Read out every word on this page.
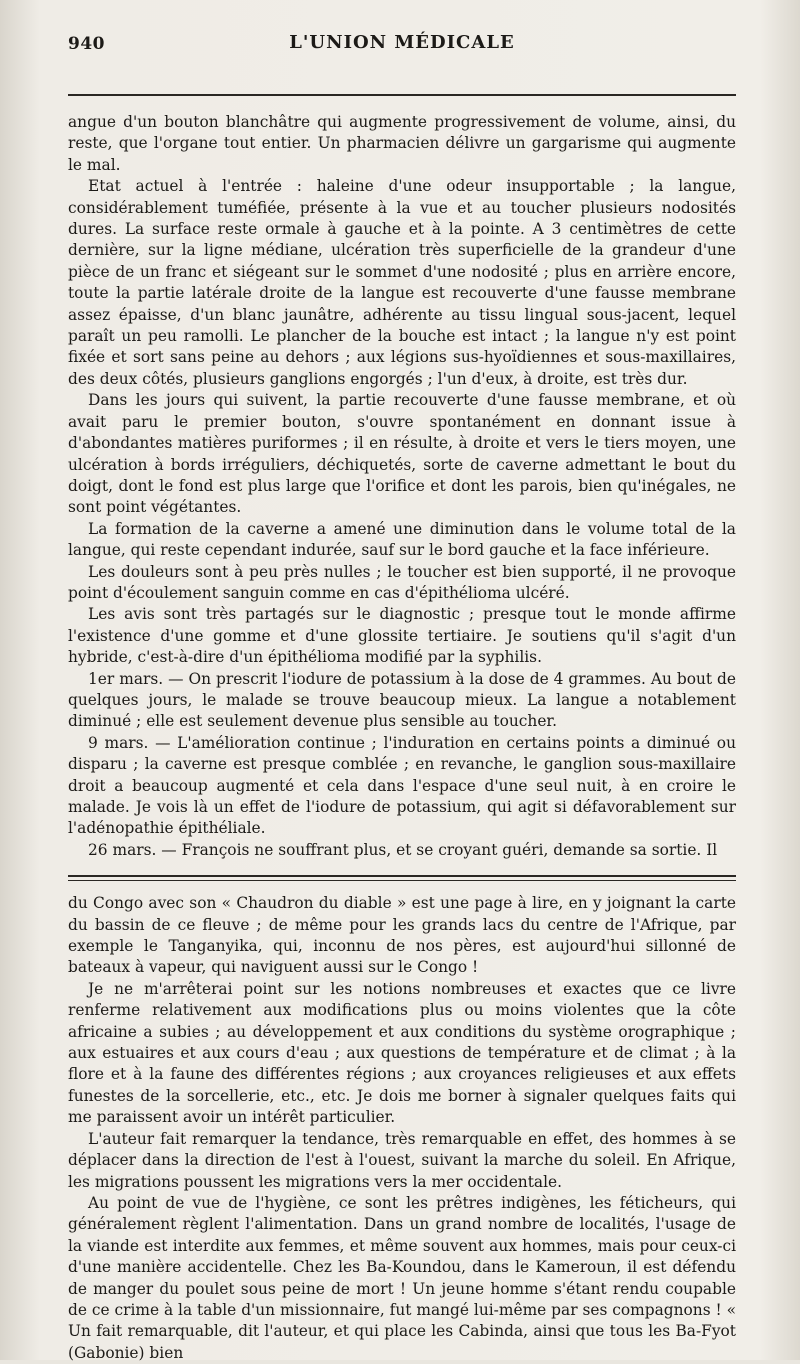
940	L'UNION MÉDICALE

angue d'un bouton blanchâtre qui augmente progressivement de volume, ainsi, du reste, que l'organe tout entier. Un pharmacien délivre un gargarisme qui augmente le mal.

Etat actuel à l'entrée : haleine d'une odeur insupportable ; la langue, considérablement tuméfiée, présente à la vue et au toucher plusieurs nodosités dures. La surface reste ormale à gauche et à la pointe. A 3 centimètres de cette dernière, sur la ligne médiane, ulcération très superficielle de la grandeur d'une pièce de un franc et siégeant sur le sommet d'une nodosité ; plus en arrière encore, toute la partie latérale droite de la langue est recouverte d'une fausse membrane assez épaisse, d'un blanc jaunâtre, adhérente au tissu lingual sous-jacent, lequel paraît un peu ramolli. Le plancher de la bouche est intact ; la langue n'y est point fixée et sort sans peine au dehors ; aux légions sus-hyoïdiennes et sous-maxillaires, des deux côtés, plusieurs ganglions engorgés ; l'un d'eux, à droite, est très dur.

Dans les jours qui suivent, la partie recouverte d'une fausse membrane, et où avait paru le premier bouton, s'ouvre spontanément en donnant issue à d'abondantes matières puriformes ; il en résulte, à droite et vers le tiers moyen, une ulcération à bords irréguliers, déchiquetés, sorte de caverne admettant le bout du doigt, dont le fond est plus large que l'orifice et dont les parois, bien qu'inégales, ne sont point végétantes.

La formation de la caverne a amené une diminution dans le volume total de la langue, qui reste cependant indurée, sauf sur le bord gauche et la face inférieure.

Les douleurs sont à peu près nulles ; le toucher est bien supporté, il ne provoque point d'écoulement sanguin comme en cas d'épithélioma ulcéré.

Les avis sont très partagés sur le diagnostic ; presque tout le monde affirme l'existence d'une gomme et d'une glossite tertiaire. Je soutiens qu'il s'agit d'un hybride, c'est-à-dire d'un épithélioma modifié par la syphilis.

1er mars. — On prescrit l'iodure de potassium à la dose de 4 grammes. Au bout de quelques jours, le malade se trouve beaucoup mieux. La langue a notablement diminué ; elle est seulement devenue plus sensible au toucher.

9 mars. — L'amélioration continue ; l'induration en certains points a diminué ou disparu ; la caverne est presque comblée ; en revanche, le ganglion sous-maxillaire droit a beaucoup augmenté et cela dans l'espace d'une seul nuit, à en croire le malade. Je vois là un effet de l'iodure de potassium, qui agit si défavorablement sur l'adénopathie épithéliale.

26 mars. — François ne souffrant plus, et se croyant guéri, demande sa sortie. Il

du Congo avec son « Chaudron du diable » est une page à lire, en y joignant la carte du bassin de ce fleuve ; de même pour les grands lacs du centre de l'Afrique, par exemple le Tanganyika, qui, inconnu de nos pères, est aujourd'hui sillonné de bateaux à vapeur, qui naviguent aussi sur le Congo !

Je ne m'arrêterai point sur les notions nombreuses et exactes que ce livre renferme relativement aux modifications plus ou moins violentes que la côte africaine a subies ; au développement et aux conditions du système orographique ; aux estuaires et aux cours d'eau ; aux questions de température et de climat ; à la flore et à la faune des différentes régions ; aux croyances religieuses et aux effets funestes de la sorcellerie, etc., etc. Je dois me borner à signaler quelques faits qui me paraissent avoir un intérêt particulier.

L'auteur fait remarquer la tendance, très remarquable en effet, des hommes à se déplacer dans la direction de l'est à l'ouest, suivant la marche du soleil. En Afrique, les migrations poussent les migrations vers la mer occidentale.

Au point de vue de l'hygiène, ce sont les prêtres indigènes, les féticheurs, qui généralement règlent l'alimentation. Dans un grand nombre de localités, l'usage de la viande est interdite aux femmes, et même souvent aux hommes, mais pour ceux-ci d'une manière accidentelle. Chez les Ba-Koundou, dans le Kameroun, il est défendu de manger du poulet sous peine de mort ! Un jeune homme s'étant rendu coupable de ce crime à la table d'un missionnaire, fut mangé lui-même par ses compagnons ! « Un fait remarquable, dit l'auteur, et qui place les Cabinda, ainsi que tous les Ba-Fyot (Gabonie) bien
